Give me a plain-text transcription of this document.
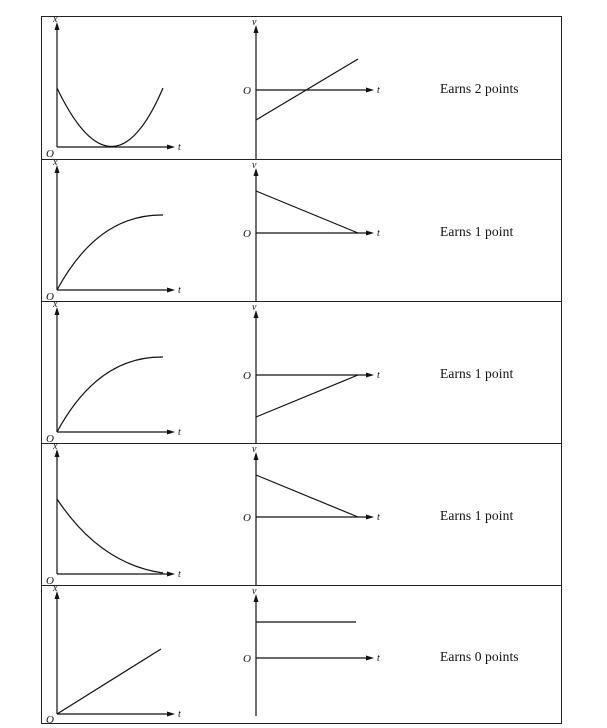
x
t
O
v
t
O	Earns 2 points
x
t
O
v
t
O	Earns 1 point
x
t
O
v
t
O	Earns 1 point
x
t
O
v
t
O	Earns 1 point
x
t
O
v
t
O	Earns 0 points
